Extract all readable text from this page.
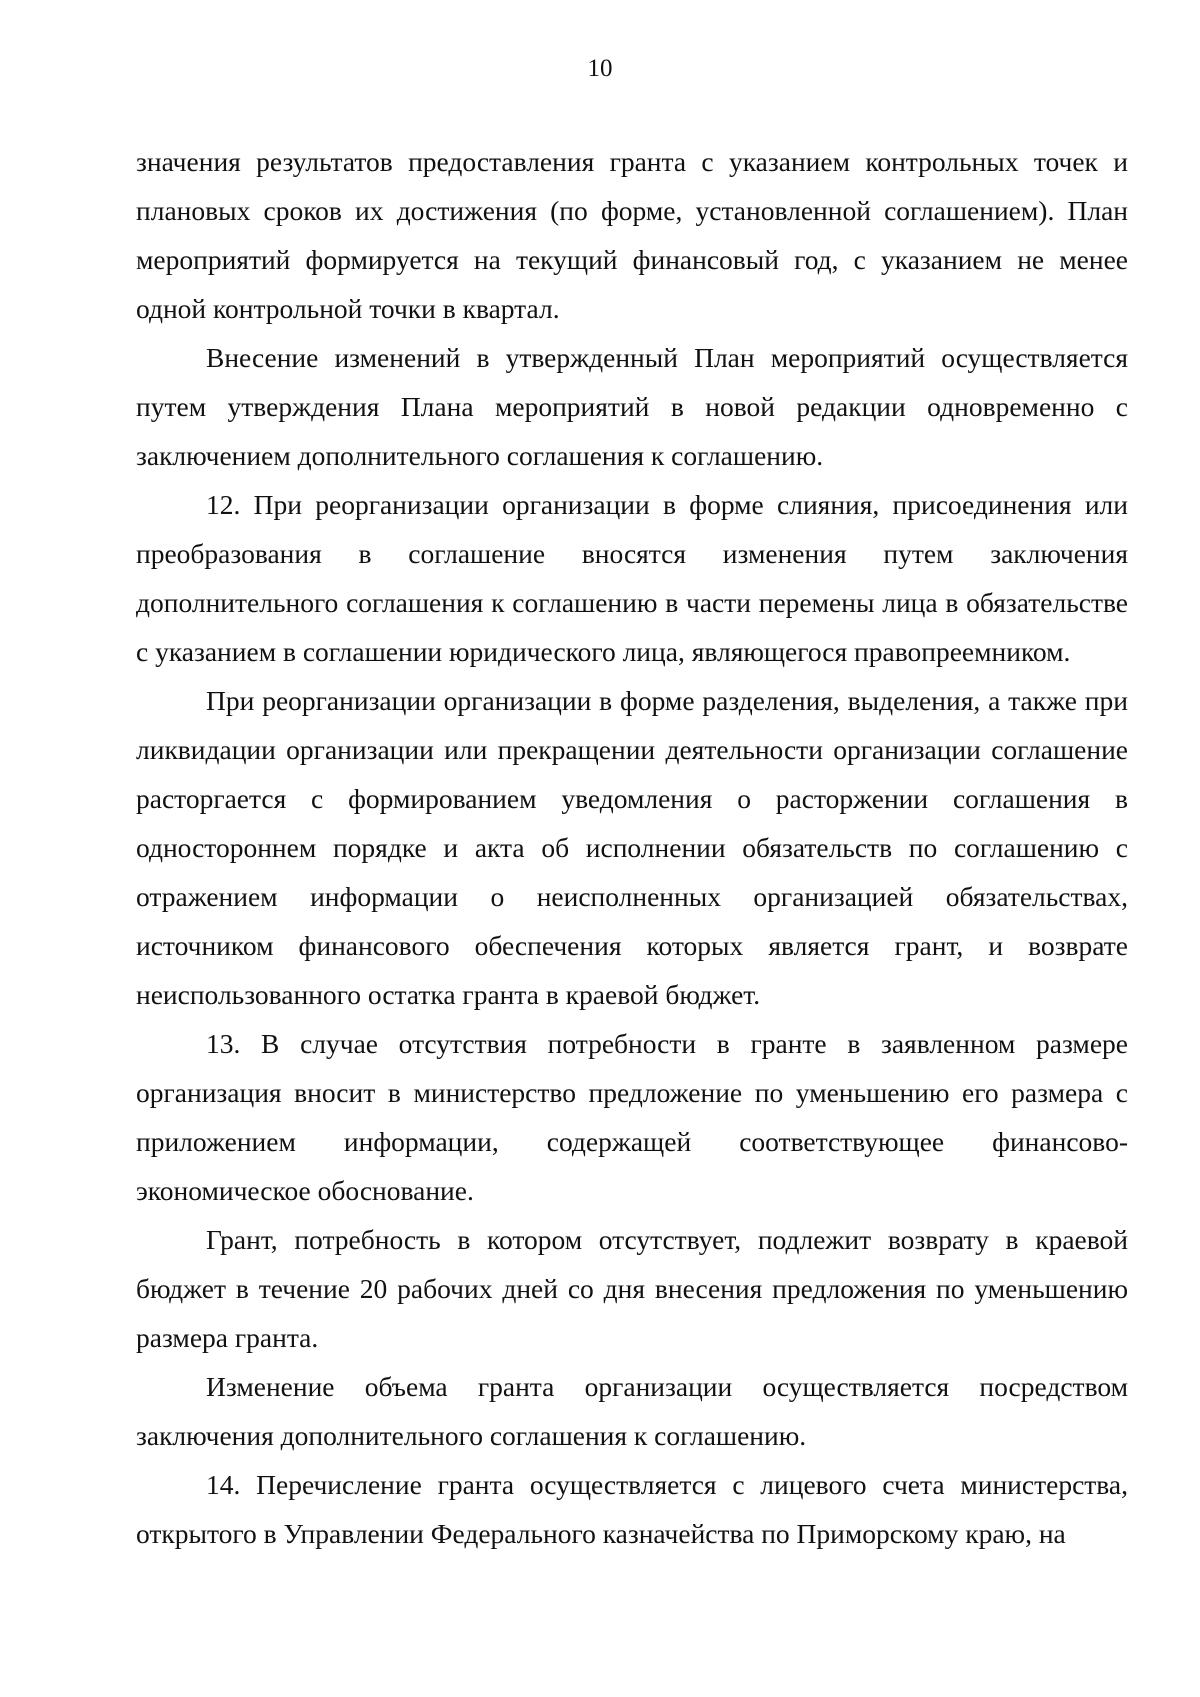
10

значения результатов предоставления гранта с указанием контрольных точек и плановых сроков их достижения (по форме, установленной соглашением). План мероприятий формируется на текущий финансовый год, с указанием не менее одной контрольной точки в квартал.

Внесение изменений в утвержденный План мероприятий осуществляется путем утверждения Плана мероприятий в новой редакции одновременно с заключением дополнительного соглашения к соглашению.

12. При реорганизации организации в форме слияния, присоединения или преобразования в соглашение вносятся изменения путем заключения дополнительного соглашения к соглашению в части перемены лица в обязательстве с указанием в соглашении юридического лица, являющегося правопреемником.

При реорганизации организации в форме разделения, выделения, а также при ликвидации организации или прекращении деятельности организации соглашение расторгается с формированием уведомления о расторжении соглашения в одностороннем порядке и акта об исполнении обязательств по соглашению с отражением информации о неисполненных организацией обязательствах, источником финансового обеспечения которых является грант, и возврате неиспользованного остатка гранта в краевой бюджет.

13. В случае отсутствия потребности в гранте в заявленном размере организация вносит в министерство предложение по уменьшению его размера с приложением информации, содержащей соответствующее финансово-экономическое обоснование.

Грант, потребность в котором отсутствует, подлежит возврату в краевой бюджет в течение 20 рабочих дней со дня внесения предложения по уменьшению размера гранта.

Изменение объема гранта организации осуществляется посредством заключения дополнительного соглашения к соглашению.

14. Перечисление гранта осуществляется с лицевого счета министерства, открытого в Управлении Федерального казначейства по Приморскому краю, на
